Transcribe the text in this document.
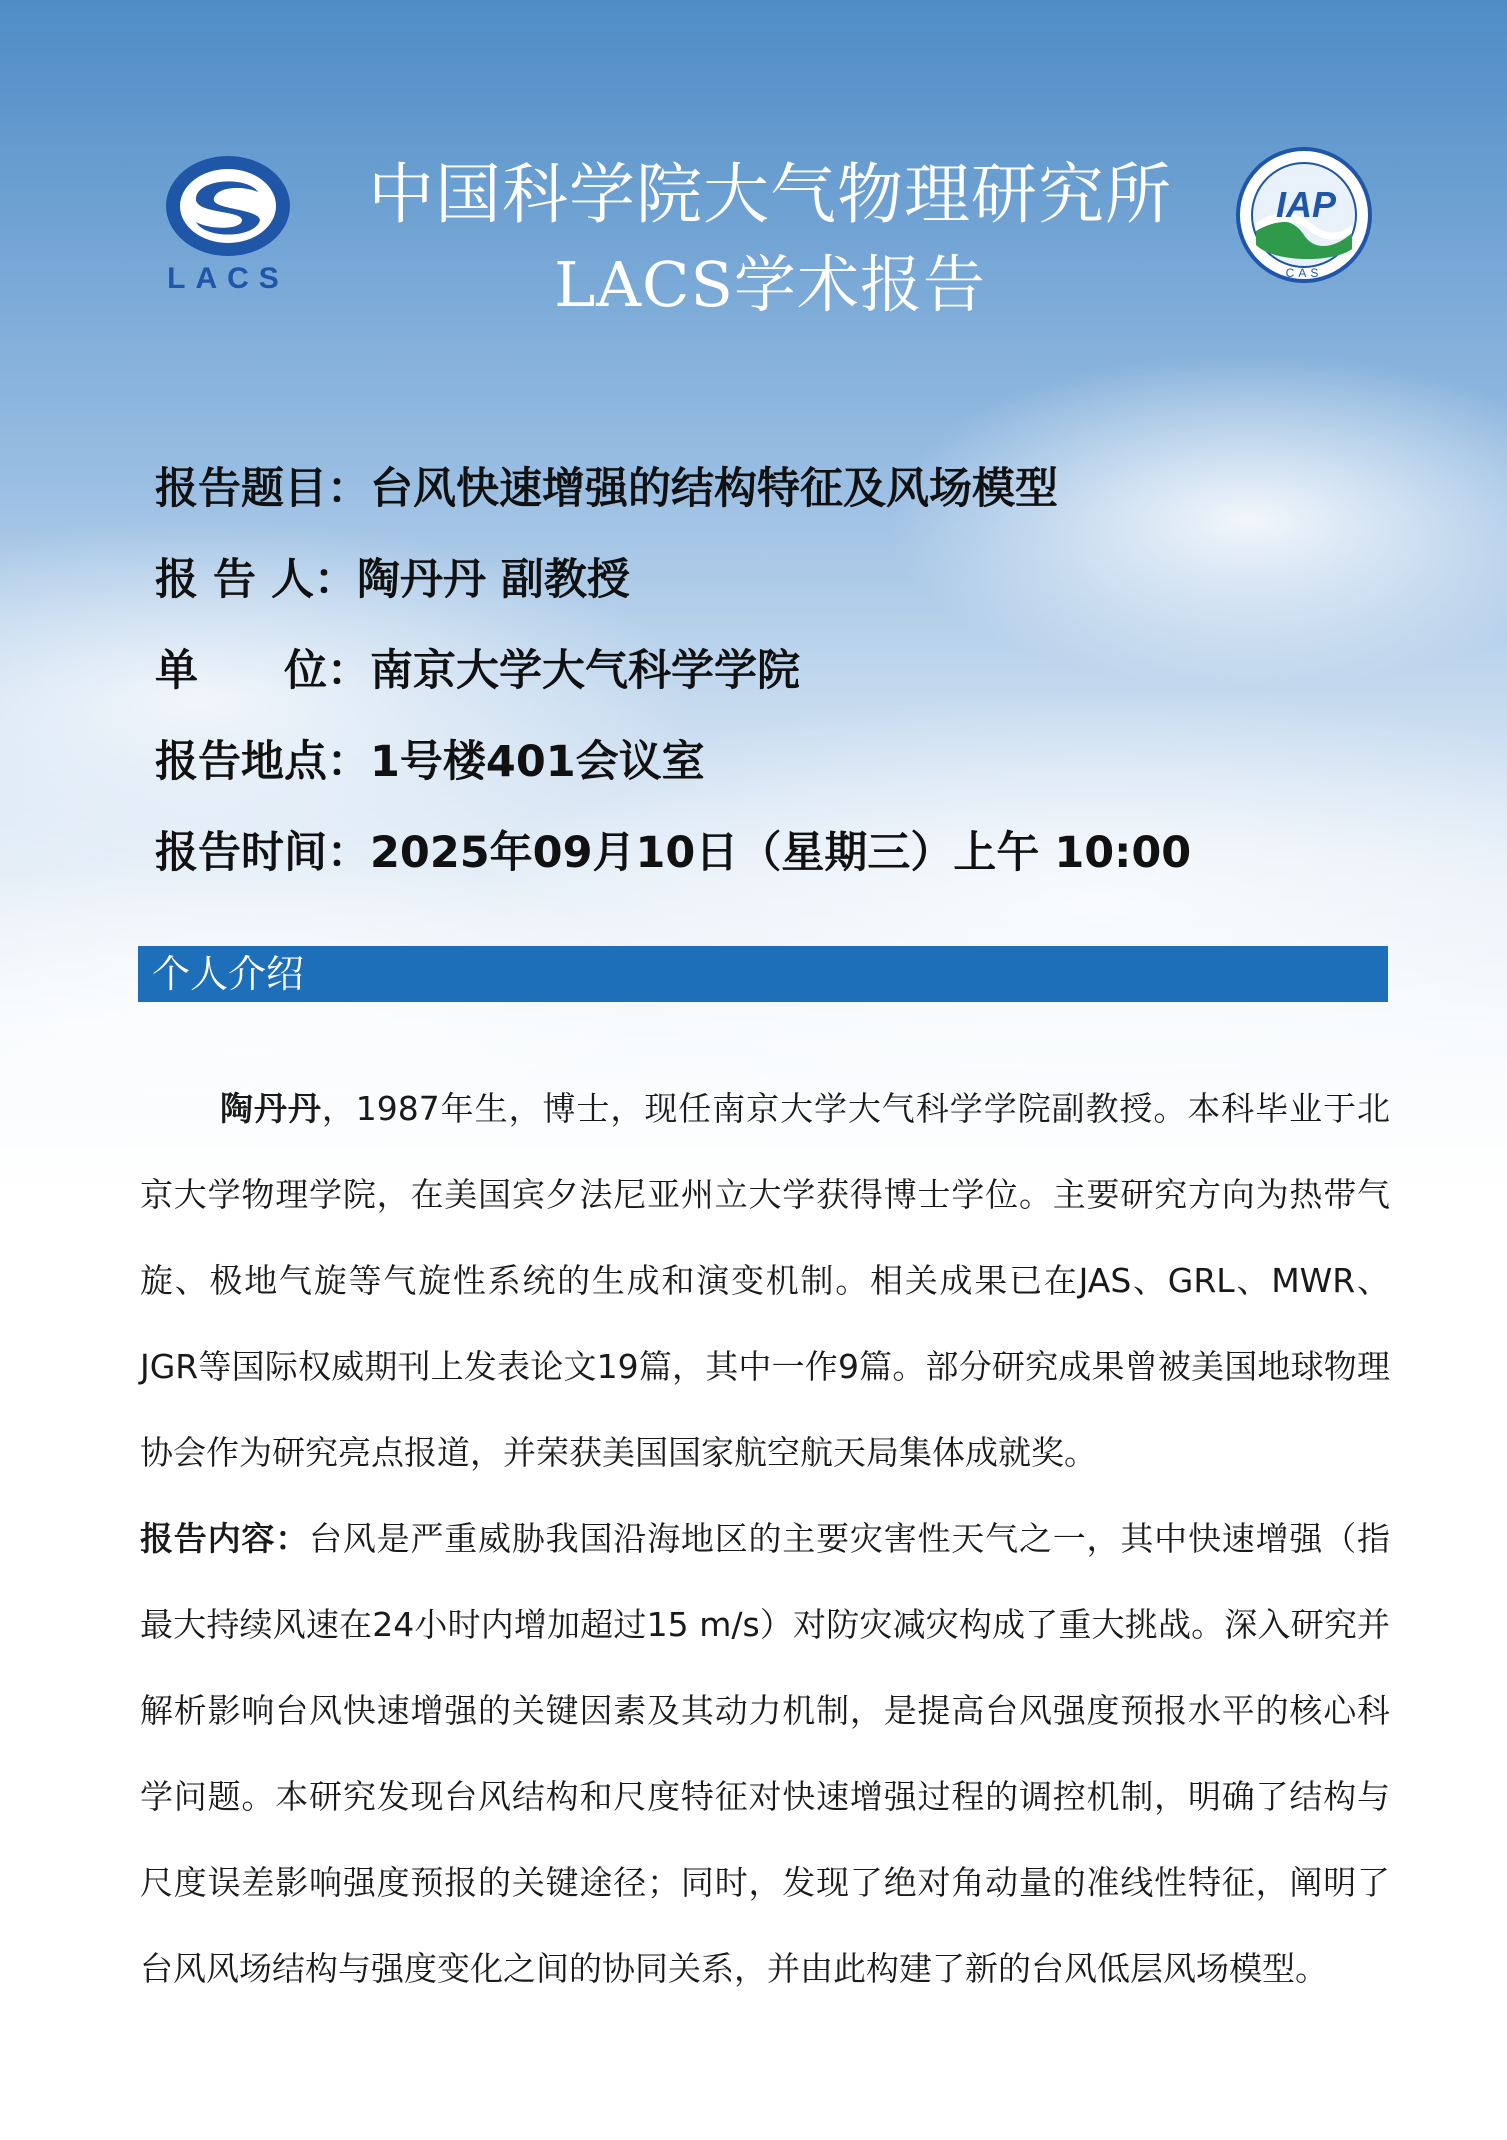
LACS
中国科学院大气物理研究所
LACS学术报告
IAP
CAS
报告题目： 台风快速增强的结构特征及风场模型
报 告 人： 陶丹丹 副教授
单　　位： 南京大学大气科学学院
报告地点： 1号楼401会议室
报告时间： 2025年09月10日（星期三）上午 10:00
个人介绍

陶丹丹，1987年生，博士，现任南京大学大气科学学院副教授。本科毕业于北京大学物理学院，在美国宾夕法尼亚州立大学获得博士学位。主要研究方向为热带气旋、极地气旋等气旋性系统的生成和演变机制。相关成果已在JAS、GRL、MWR、JGR等国际权威期刊上发表论文19篇，其中一作9篇。部分研究成果曾被美国地球物理协会作为研究亮点报道，并荣获美国国家航空航天局集体成就奖。

报告内容：台风是严重威胁我国沿海地区的主要灾害性天气之一，其中快速增强（指最大持续风速在24小时内增加超过15 m/s）对防灾减灾构成了重大挑战。深入研究并解析影响台风快速增强的关键因素及其动力机制，是提高台风强度预报水平的核心科学问题。本研究发现台风结构和尺度特征对快速增强过程的调控机制，明确了结构与尺度误差影响强度预报的关键途径；同时，发现了绝对角动量的准线性特征，阐明了台风风场结构与强度变化之间的协同关系，并由此构建了新的台风低层风场模型。
